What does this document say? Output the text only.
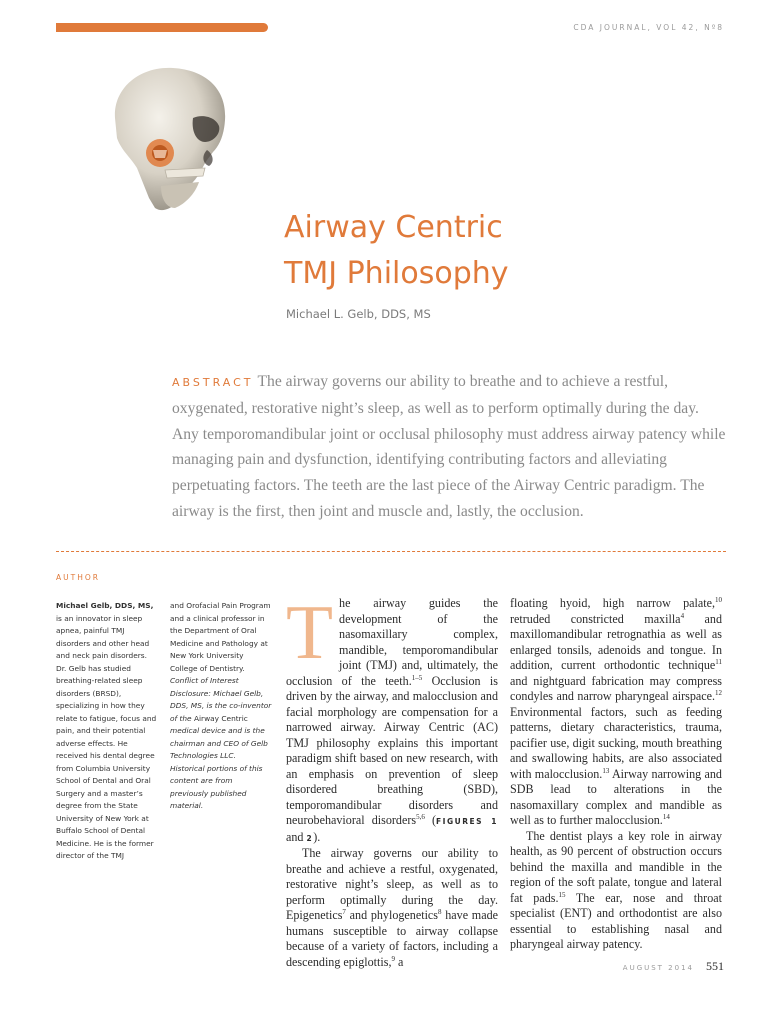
CDA JOURNAL, VOL 42, Nº8
Airway Centric
TMJ Philosophy
Michael L. Gelb, DDS, MS

ABSTRACT The airway governs our ability to breathe and to achieve a restful, oxygenated, restorative night’s sleep, as well as to perform optimally during the day. Any temporomandibular joint or occlusal philosophy must address airway patency while managing pain and dysfunction, identifying contributing factors and alleviating perpetuating factors. The teeth are the last piece of the Airway Centric paradigm. The airway is the first, then joint and muscle and, lastly, the occlusion.

AUTHOR

Michael Gelb, DDS, MS, is an innovator in sleep apnea, painful TMJ disorders and other head and neck pain disorders. Dr. Gelb has studied breathing-related sleep disorders (BRSD), specializing in how they relate to fatigue, focus and pain, and their potential adverse effects. He received his dental degree from Columbia University School of Dental and Oral Surgery and a master’s degree from the State University of New York at Buffalo School of Dental Medicine. He is the former director of the TMJ

and Orofacial Pain Program and a clinical professor in the Department of Oral Medicine and Pathology at New York University College of Dentistry.
Conflict of Interest Disclosure: Michael Gelb, DDS, MS, is the co-inventor of the Airway Centric medical device and is the chairman and CEO of Gelb Technologies LLC. Historical portions of this content are from previously published material.

The airway guides the development of the nasomaxillary complex, mandible, temporomandibular joint (TMJ) and, ultimately, the occlusion of the teeth.$^{1-5}$ Occlusion is driven by the airway, and malocclusion and facial morphology are compensation for a narrowed airway. Airway Centric (AC) TMJ philosophy explains this important paradigm shift based on new research, with an emphasis on prevention of sleep disordered breathing (SBD), temporomandibular disorders and neurobehavioral disorders$^{5,6}$ (FIGURES 1 and 2).

The airway governs our ability to breathe and achieve a restful, oxygenated, restorative night’s sleep, as well as to perform optimally during the day. Epigenetics$^7$ and phylogenetics$^8$ have made humans susceptible to airway collapse because of a variety of factors, including a descending epiglottis,$^9$ a

floating hyoid, high narrow palate,$^{10}$ retruded constricted maxilla$^4$ and maxillomandibular retrognathia as well as enlarged tonsils, adenoids and tongue. In addition, current orthodontic technique$^{11}$ and nightguard fabrication may compress condyles and narrow pharyngeal airspace.$^{12}$ Environmental factors, such as feeding patterns, dietary characteristics, trauma, pacifier use, digit sucking, mouth breathing and swallowing habits, are also associated with malocclusion.$^{13}$ Airway narrowing and SDB lead to alterations in the nasomaxillary complex and mandible as well as to further malocclusion.$^{14}$

The dentist plays a key role in airway health, as 90 percent of obstruction occurs behind the maxilla and mandible in the region of the soft palate, tongue and lateral fat pads.$^{15}$ The ear, nose and throat specialist (ENT) and orthodontist are also essential to establishing nasal and pharyngeal airway patency.

AUGUST 2014 551
